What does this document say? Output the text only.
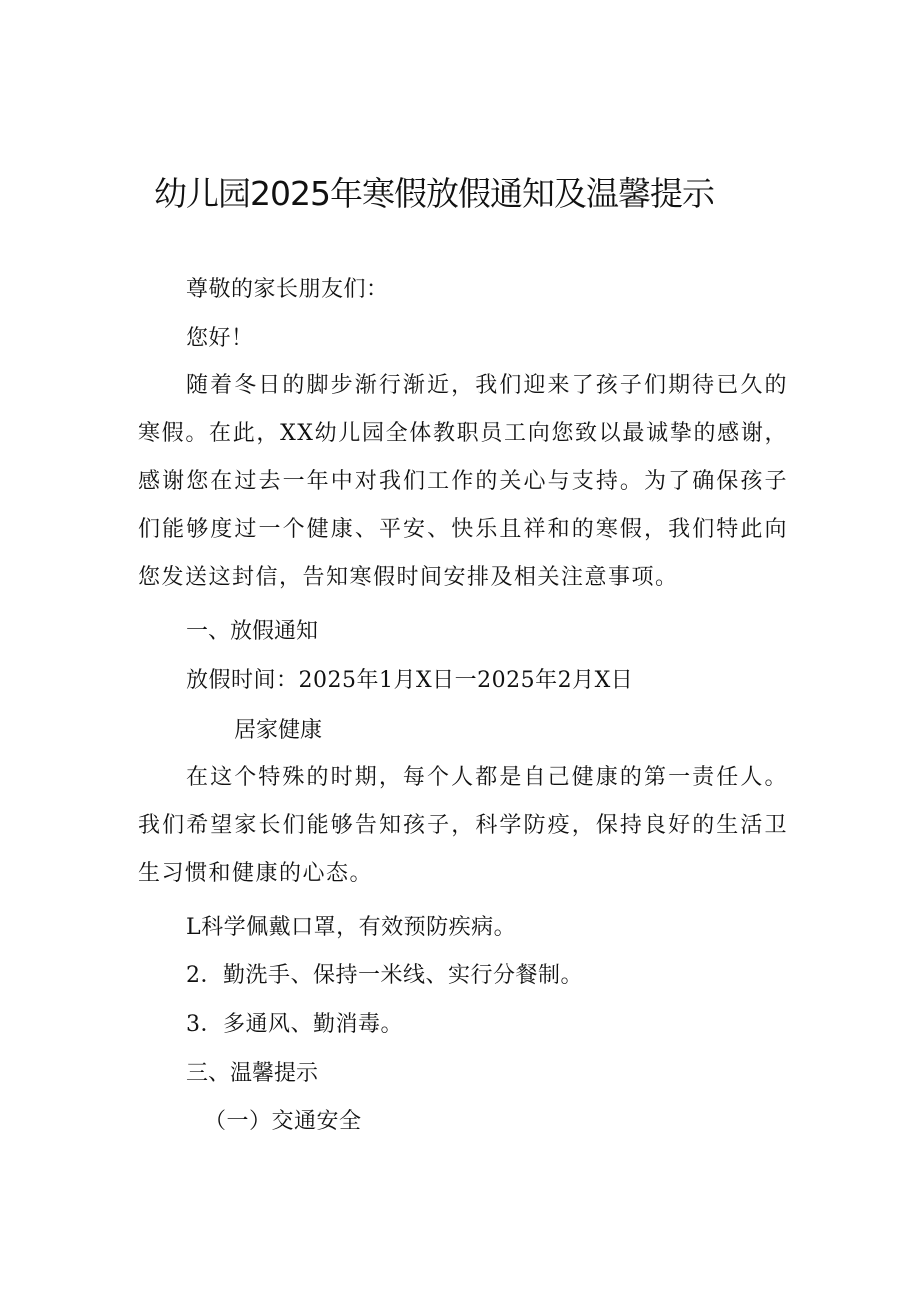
幼儿园2025年寒假放假通知及温馨提示
尊敬的家长朋友们：
您好！
随着冬日的脚步渐行渐近，我们迎来了孩子们期待已久的寒假。在此，XX幼儿园全体教职员工向您致以最诚挚的感谢，感谢您在过去一年中对我们工作的关心与支持。为了确保孩子们能够度过一个健康、平安、快乐且祥和的寒假，我们特此向您发送这封信，告知寒假时间安排及相关注意事项。
一、放假通知
放假时间：2025年1月X日一2025年2月X日
居家健康
在这个特殊的时期，每个人都是自己健康的第一责任人。我们希望家长们能够告知孩子，科学防疫，保持良好的生活卫生习惯和健康的心态。
L科学佩戴口罩，有效预防疾病。
2．勤洗手、保持一米线、实行分餐制。
3．多通风、勤消毒。
三、温馨提示
（一）交通安全
